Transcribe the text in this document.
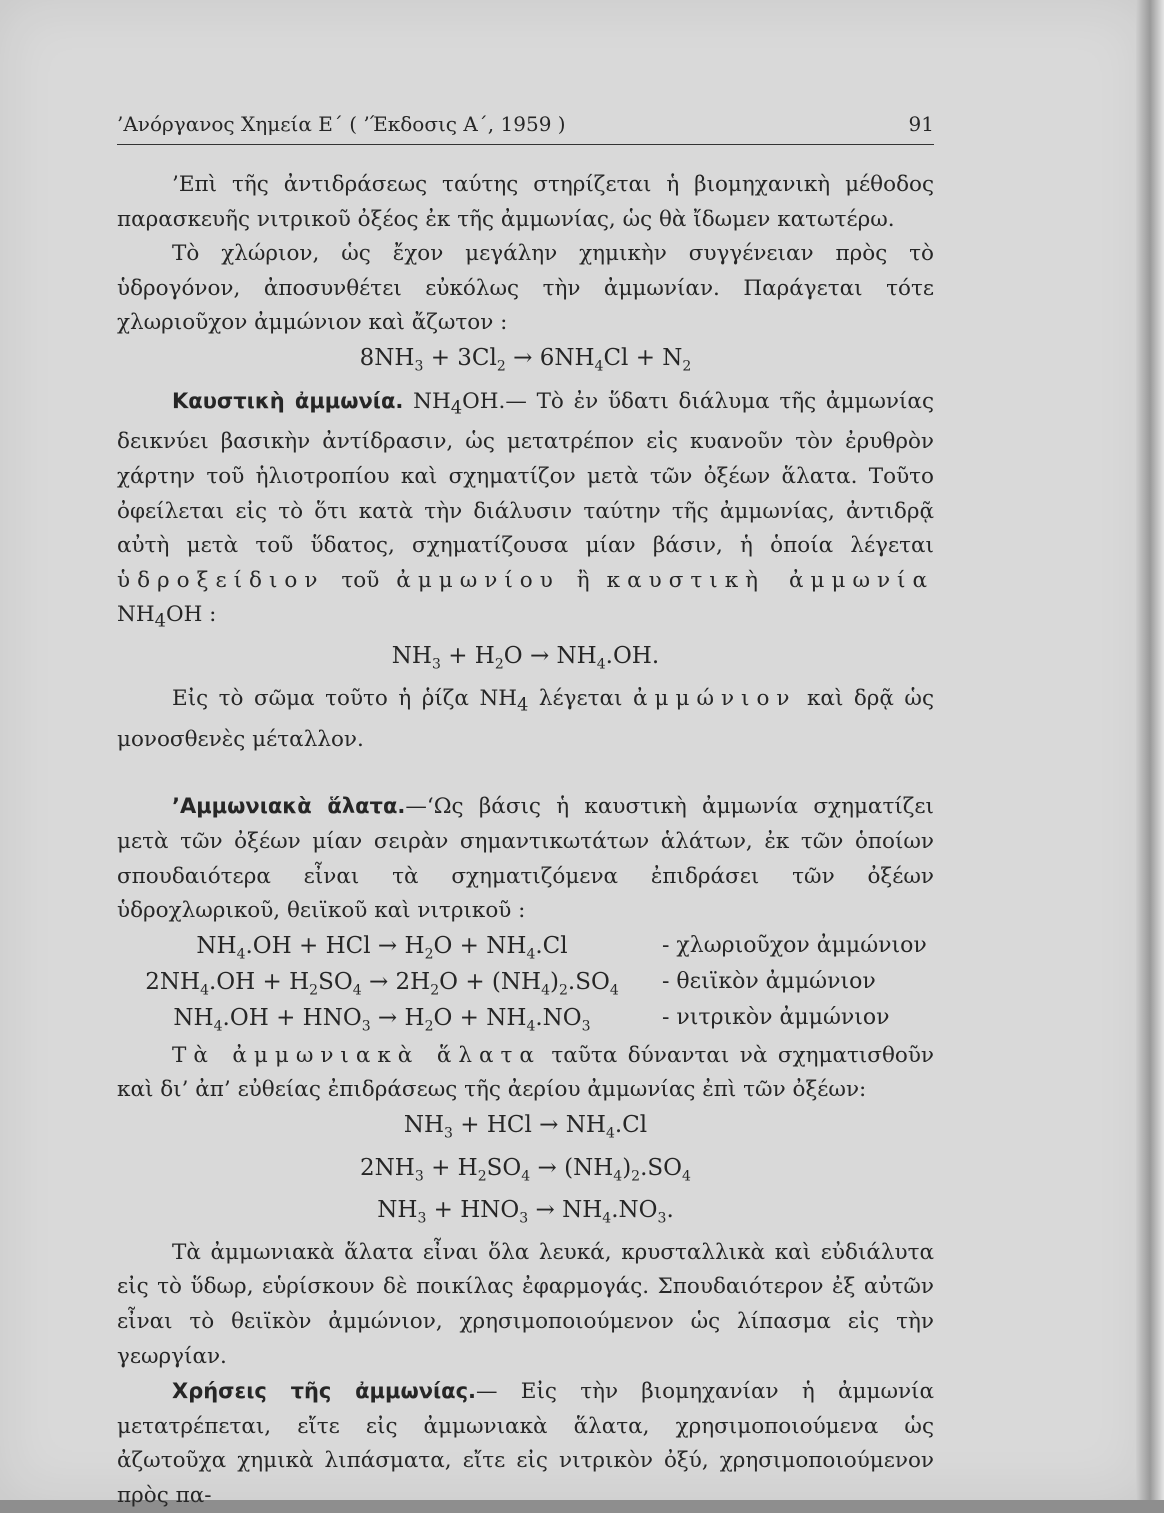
’Ανόργανος Χημεία Ε΄ ( ’Έκδοσις Α΄, 1959 )	91

’Επὶ τῆς ἀντιδράσεως ταύτης στηρίζεται ἡ βιομηχανικὴ μέθοδος παρασκευῆς νιτρικοῦ ὀξέος ἐκ τῆς ἀμμωνίας, ὡς θὰ ἴδωμεν κατωτέρω.

Τὸ χλώριον, ὡς ἔχον μεγάλην χημικὴν συγγένειαν πρὸς τὸ ὑδρογόνον, ἀποσυνθέτει εὐκόλως τὴν ἀμμωνίαν. Παράγεται τότε χλωριοῦχον ἀμμώνιον καὶ ἄζωτον :

$8NH_3 + 3Cl_2 \to 6NH_4Cl + N_2$

Καυστικὴ ἀμμωνία. $NH_4OH.—$ Τὸ ἐν ὕδατι διάλυμα τῆς ἀμμωνίας δεικνύει βασικὴν ἀντίδρασιν, ὡς μετατρέπον εἰς κυανοῦν τὸν ἐρυθρὸν χάρτην τοῦ ἡλιοτροπίου καὶ σχηματίζον μετὰ τῶν ὀξέων ἅλατα. Τοῦτο ὀφείλεται εἰς τὸ ὅτι κατὰ τὴν διάλυσιν ταύτην τῆς ἀμμωνίας, ἀντιδρᾷ αὐτὴ μετὰ τοῦ ὕδατος, σχηματίζουσα μίαν βάσιν, ἡ ὁποία λέγεται ὑδροξείδιον τοῦ ἀμμωνίου ἢ καυστικὴ ἀμμωνία $NH_4OH$ :

$NH_3 + H_2O \to NH_4.OH$.

Εἰς τὸ σῶμα τοῦτο ἡ ῥίζα $NH_4$ λέγεται ἀμμώνιον καὶ δρᾷ ὡς μονοσθενὲς μέταλλον.

’Αμμωνιακὰ ἅλατα.—‘Ως βάσις ἡ καυστικὴ ἀμμωνία σχηματίζει μετὰ τῶν ὀξέων μίαν σειρὰν σημαντικωτάτων ἁλάτων, ἐκ τῶν ὁποίων σπουδαιότερα εἶναι τὰ σχηματιζόμενα ἐπιδράσει τῶν ὀξέων ὑδροχλωρικοῦ, θειϊκοῦ καὶ νιτρικοῦ :

$NH_4.OH$ + HCl → $H_2O + NH_4.Cl$	- χλωριοῦχον ἀμμώνιον
$2NH_4.OH + H_2SO_4 \to 2H_2O + (NH_4)_2.SO_4$	- θειϊκὸν ἀμμώνιον
$NH_4.OH + HNO_3 \to H_2O + NH_4.NO_3$	- νιτρικὸν ἀμμώνιον

Τὰ ἀμμωνιακὰ ἅλατα ταῦτα δύνανται νὰ σχηματισθοῦν καὶ δι’ ἀπ’ εὐθείας ἐπιδράσεως τῆς ἀερίου ἀμμωνίας ἐπὶ τῶν ὀξέων:

$NH_3$ + HCl → $NH_4.Cl$
$2NH_3 + H_2SO_4 \to (NH_4)_2.SO_4$
$NH_3 + HNO_3 \to NH_4.NO_3$.

Τὰ ἀμμωνιακὰ ἅλατα εἶναι ὅλα λευκά, κρυσταλλικὰ καὶ εὐδιάλυτα εἰς τὸ ὕδωρ, εὑρίσκουν δὲ ποικίλας ἐφαρμογάς. Σπουδαιότερον ἐξ αὐτῶν εἶναι τὸ θειϊκὸν ἀμμώνιον, χρησιμοποιούμενον ὡς λίπασμα εἰς τὴν γεωργίαν.

Χρήσεις τῆς ἀμμωνίας.— Εἰς τὴν βιομηχανίαν ἡ ἀμμωνία μετατρέπεται, εἴτε εἰς ἀμμωνιακὰ ἅλατα, χρησιμοποιούμενα ὡς ἀζωτοῦχα χημικὰ λιπάσματα, εἴτε εἰς νιτρικὸν ὀξύ, χρησιμοποιούμενον πρὸς πα-
